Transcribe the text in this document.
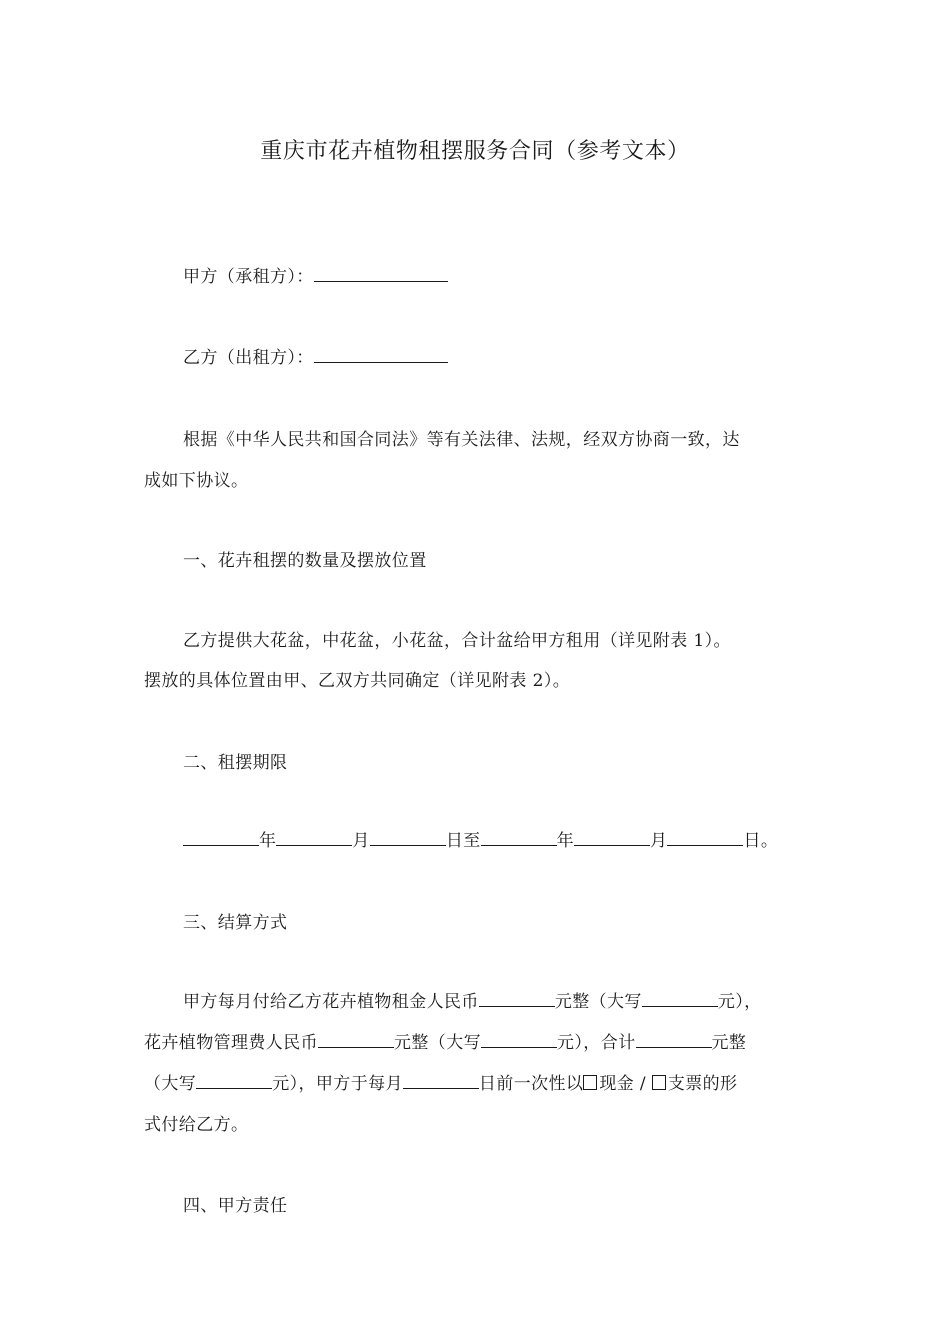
重庆市花卉植物租摆服务合同（参考文本）
甲方（承租方）：
乙方（出租方）：
根据《中华人民共和国合同法》等有关法律、法规，经双方协商一致，达
成如下协议。
一、花卉租摆的数量及摆放位置
乙方提供大花盆，中花盆，小花盆，合计盆给甲方租用（详见附表 1）。
摆放的具体位置由甲、乙双方共同确定（详见附表 2）。
二、租摆期限
年	月	日至	年	月	日。
三、结算方式
甲方每月付给乙方花卉植物租金人民币	元整（大写	元），
花卉植物管理费人民币	元整（大写	元），合计	元整
（大写	元），甲方于每月	日前一次性以 现金 / 支票的形
式付给乙方。
四、甲方责任
